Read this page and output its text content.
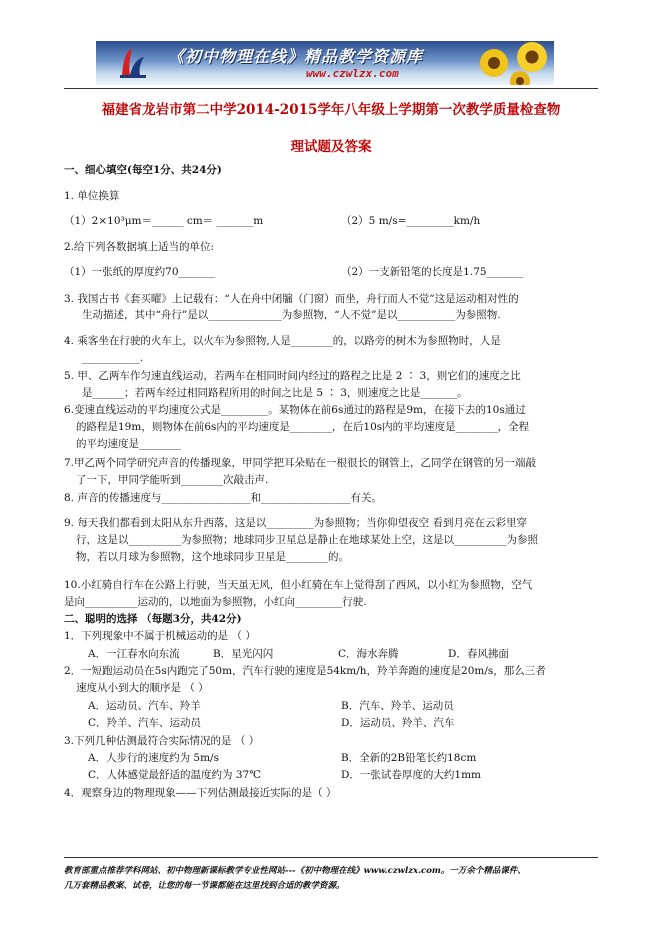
《初中物理在线》精品教学资源库
www.czwlzx.com
福建省龙岩市第二中学2014-2015学年八年级上学期第一次教学质量检查物
理试题及答案
一、细心填空(每空1分、共24分)
1. 单位换算
（1）2×10³μm＝______ cm＝ _______m	（2）5 m/s=_________km/h
2.给下列各数据填上适当的单位:
（1）一张纸的厚度约70_______	（2）一支新铅笔的长度是1.75_______
3. 我国古书《套买曜》上记载有：“人在舟中闭牖（门窗）而坐，舟行而人不觉”这是运动相对性的
生动描述，其中“舟行”是以______________为参照物，“人不觉”是以___________为参照物.
4. 乘客坐在行驶的火车上，以火车为参照物,人是________的，以路旁的树木为参照物时，人是
___________.
5. 甲、乙两车作匀速直线运动，若两车在相同时间内经过的路程之比是 2 ∶ 3，则它们的速度之比
是______；若两车经过相同路程所用的时间之比是 5 ∶ 3，则速度之比是_______。
6.变速直线运动的平均速度公式是_________。某物体在前6s通过的路程是9m，在接下去的10s通过
的路程是19m，则物体在前6s内的平均速度是________，在后10s内的平均速度是________，全程
的平均速度是________
7.甲乙两个同学研究声音的传播现象，甲同学把耳朵贴在一根很长的钢管上，乙同学在钢管的另一端敲
了一下，甲同学能听到________次敲击声.
8. 声音的传播速度与_________________和_________________有关。
9. 每天我们都看到太阳从东升西落，这是以_________为参照物；当你仰望夜空 看到月亮在云彩里穿
行，这是以__________为参照物；地球同步卫星总是静止在地球某处上空，这是以__________为参照
物，若以月球为参照物，这个地球同步卫星是________的。
10.小红骑自行车在公路上行驶，当天虽无风，但小红骑在车上觉得刮了西风，以小红为参照物，空气
是向__________运动的，以地面为参照物，小红向_________行驶.
二、聪明的选择 （每题3分，共42分)
1．下列现象中不属于机械运动的是 （ ）
A．一江春水向东流	B．星光闪闪	C．海水奔腾	D．春风拂面
2．一短跑运动员在5s内跑完了50m，汽车行驶的速度是54km/h，羚羊奔跑的速度是20m/s，那么三者
速度从小到大的顺序是 （ ）
A．运动员、汽车、羚羊	B．汽车、羚羊、运动员
C．羚羊、汽车、运动员	D．运动员、羚羊、汽车
3.下列几种估测最符合实际情况的是 （ ）
A．人步行的速度约为 5m/s	B．全新的2B铅笔长约18cm
C．人体感觉最舒适的温度约为 37℃	D．一张试卷厚度的大约1mm
4．观察身边的物理现象——下列估测最接近实际的是（ ）
教育部重点推荐学科网站、初中物理新课标教学专业性网站---《初中物理在线》www.czwlzx.com。一万余个精品课件、
几万套精品教案、试卷，让您的每一节课都能在这里找到合适的教学资源。
